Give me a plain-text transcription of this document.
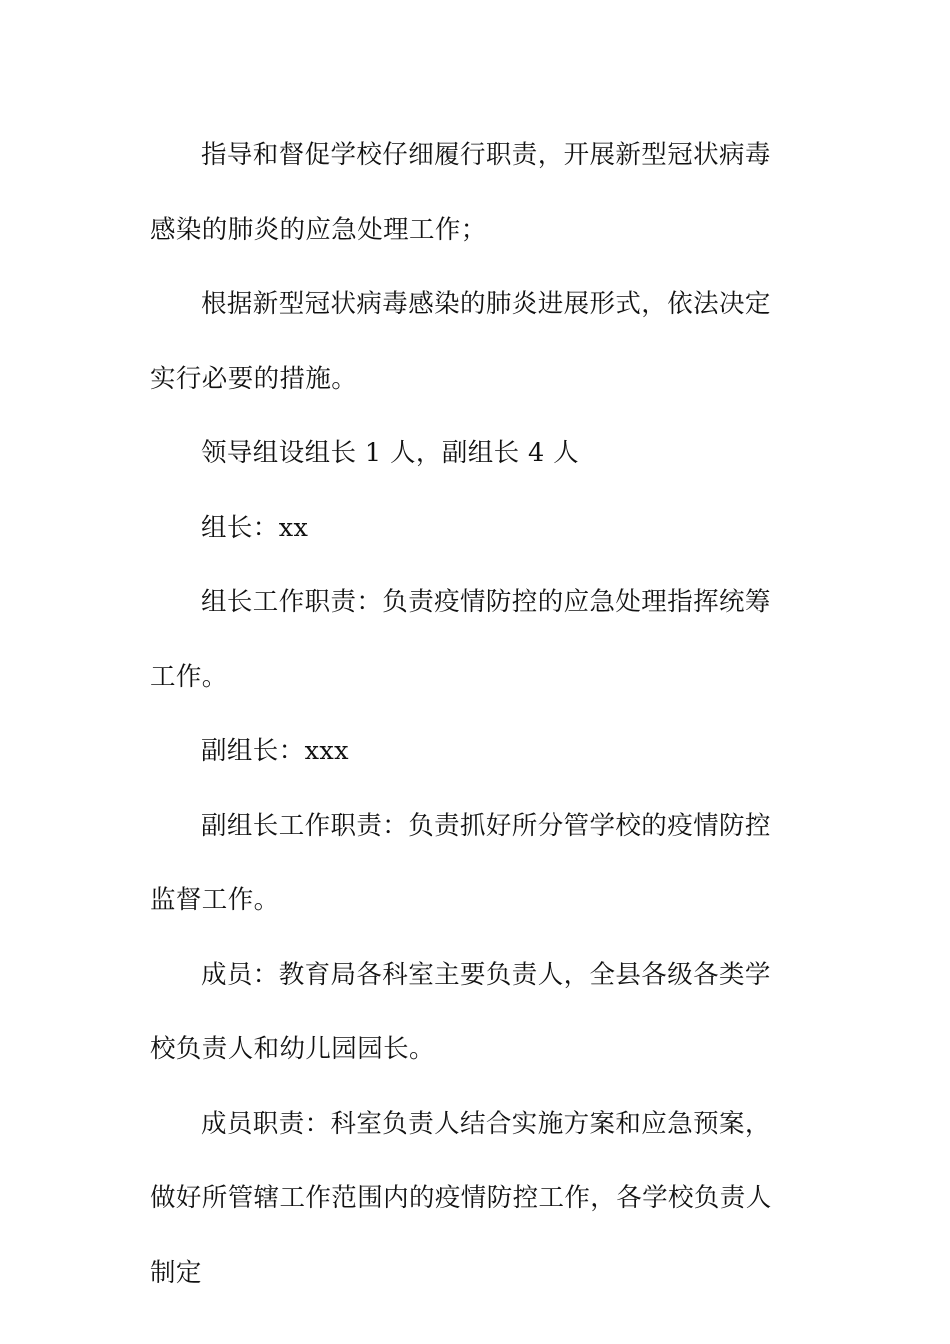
指导和督促学校仔细履行职责，开展新型冠状病毒感染的肺炎的应急处理工作；

根据新型冠状病毒感染的肺炎进展形式，依法决定实行必要的措施。

领导组设组长 1 人，副组长 4 人

组长：xx

组长工作职责：负责疫情防控的应急处理指挥统筹工作。

副组长：xxx

副组长工作职责：负责抓好所分管学校的疫情防控监督工作。

成员：教育局各科室主要负责人，全县各级各类学校负责人和幼儿园园长。

成员职责：科室负责人结合实施方案和应急预案，做好所管辖工作范围内的疫情防控工作，各学校负责人制定
